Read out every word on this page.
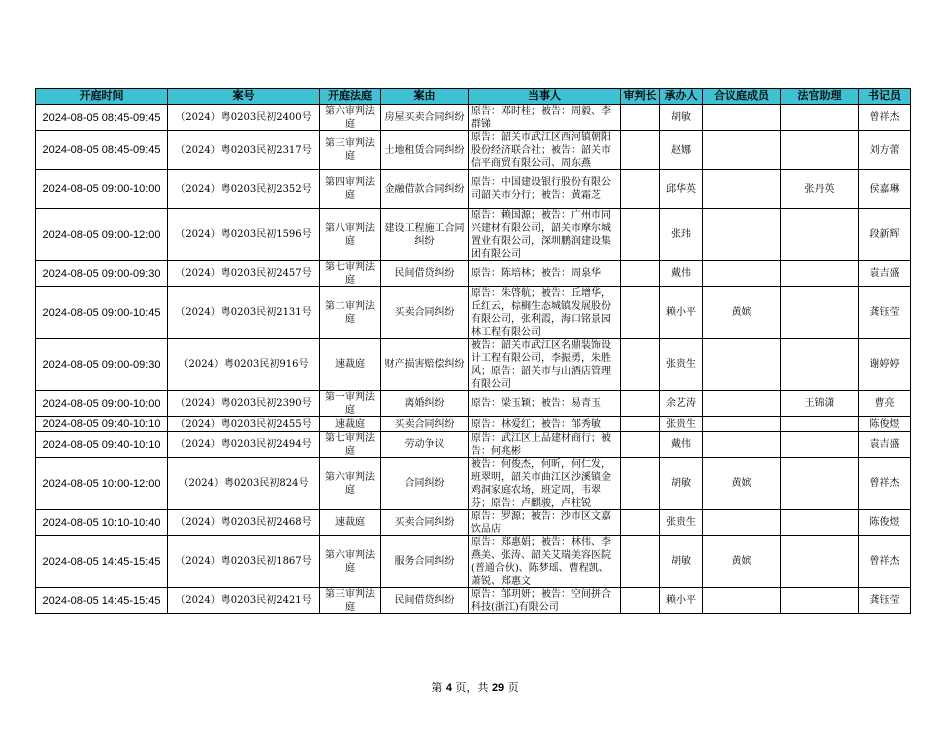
开庭时间	案号	开庭法庭	案由	当事人	审判长	承办人	合议庭成员	法官助理	书记员

2024-08-05 08:45-09:45	（2024）粤0203民初2400号	第六审判法庭	房屋买卖合同纠纷	原告：邓时桂；被告：周毅、李群锑		胡敏			曾祥杰

2024-08-05 08:45-09:45	（2024）粤0203民初2317号	第三审判法庭	土地租赁合同纠纷	原告：韶关市武江区西河镇朝阳股份经济联合社；被告：韶关市信平商贸有限公司、周东燕		赵娜			刘方蕾

2024-08-05 09:00-10:00	（2024）粤0203民初2352号	第四审判法庭	金融借款合同纠纷	原告：中国建设银行股份有限公司韶关市分行；被告：黄霜芝		邱华英		张丹英	侯嘉琳

2024-08-05 09:00-12:00	（2024）粤0203民初1596号	第八审判法庭	建设工程施工合同纠纷	原告：赖国源；被告：广州市同兴建材有限公司，韶关市摩尔城置业有限公司，深圳鹏润建设集团有限公司		张玮			段新辉

2024-08-05 09:00-09:30	（2024）粤0203民初2457号	第七审判法庭	民间借贷纠纷	原告：陈培林；被告：周泉华		戴伟			袁吉盛

2024-08-05 09:00-10:45	（2024）粤0203民初2131号	第二审判法庭	买卖合同纠纷	原告：朱啓航；被告：丘增华，丘红云，棕榈生态城镇发展股份有限公司，张利霞，海口铭景园林工程有限公司		赖小平	黄嫔		龚钰莹

2024-08-05 09:00-09:30	（2024）粤0203民初916号	速裁庭	财产损害赔偿纠纷	被告：韶关市武江区名鼎装饰设计工程有限公司，李振勇，朱胜风；原告：韶关市与山酒店管理有限公司		张贵生			谢婷婷

2024-08-05 09:00-10:00	（2024）粤0203民初2390号	第一审判法庭	离婚纠纷	原告：梁玉颖；被告：易青玉		余艺涛		王锦潇	曹亮

2024-08-05 09:40-10:10	（2024）粤0203民初2455号	速裁庭	买卖合同纠纷	原告：林爱红；被告：邹秀敏		张贵生			陈俊煜

2024-08-05 09:40-10:10	（2024）粤0203民初2494号	第七审判法庭	劳动争议	原告：武江区上品建材商行；被告：何兆彬		戴伟			袁吉盛

2024-08-05 10:00-12:00	（2024）粤0203民初824号	第六审判法庭	合同纠纷	被告：何俊杰，何昕，何仁发，班翠明，韶关市曲江区沙溪镇金鸡洞家庭农场，班定周，韦翠芬；原告：卢麒骏，卢柱锐		胡敏	黄嫔		曾祥杰

2024-08-05 10:10-10:40	（2024）粤0203民初2468号	速裁庭	买卖合同纠纷	原告：罗源；被告：沙市区文嘉饮品店		张贵生			陈俊煜

2024-08-05 14:45-15:45	（2024）粤0203民初1867号	第六审判法庭	服务合同纠纷	原告：郑惠娟；被告：林伟、李燕美、张涛、韶关艾瑞美容医院(普通合伙)、陈梦瑶、曹程凯、萧锐、郑惠文		胡敏	黄嫔		曾祥杰

2024-08-05 14:45-15:45	（2024）粤0203民初2421号	第三审判法庭	民间借贷纠纷	原告：邹玥妍；被告：空间拼合科技(浙江)有限公司		赖小平			龚钰莹
第 4 页，共 29 页
